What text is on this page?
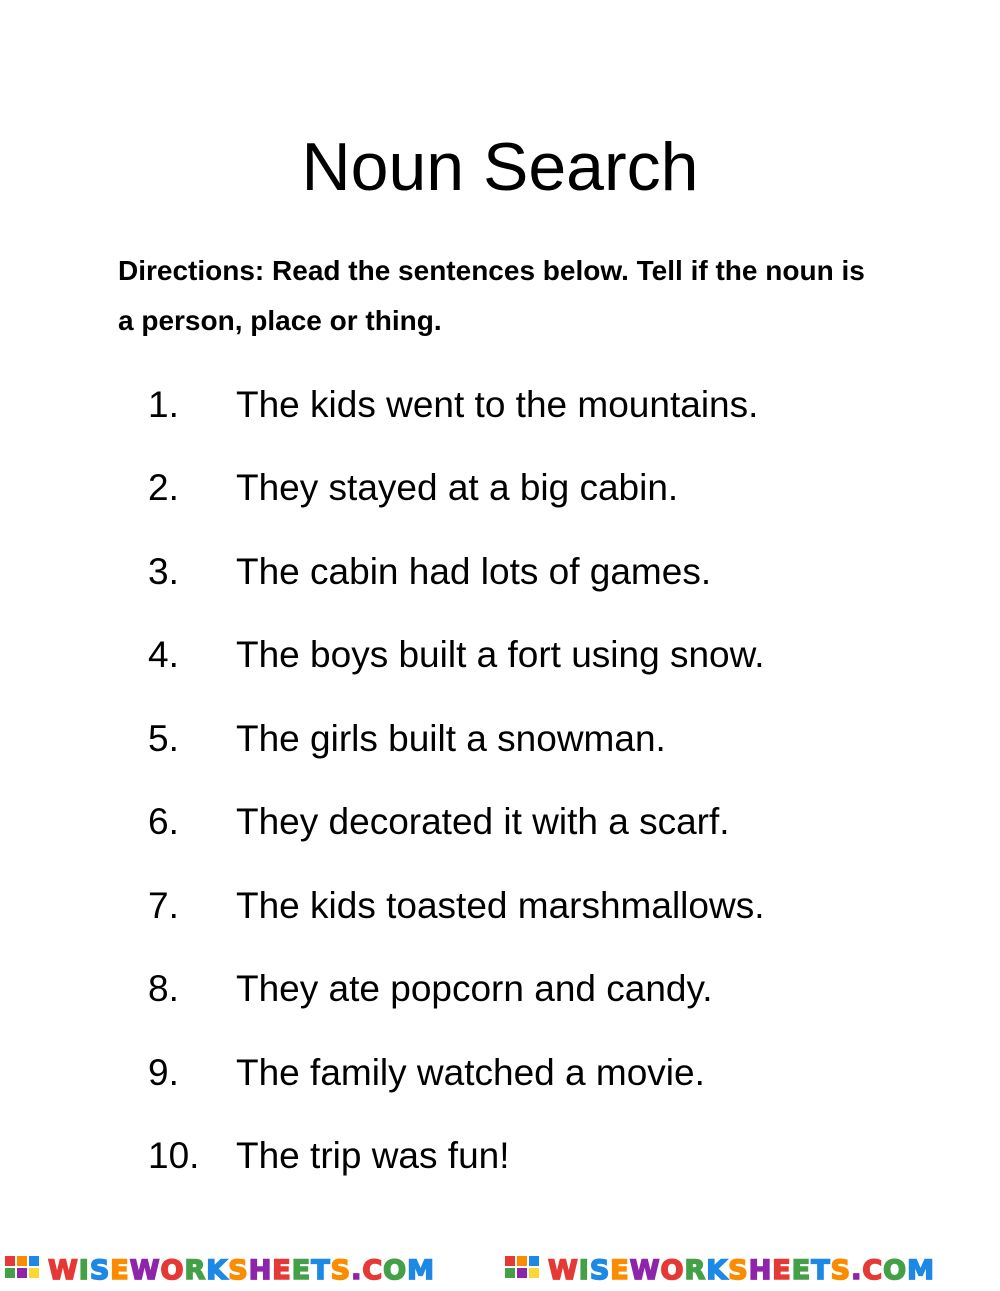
Noun Search
Directions: Read the sentences below. Tell if the noun is a person, place or thing.
1.	The kids went to the mountains.
2.	They stayed at a big cabin.
3.	The cabin had lots of games.
4.	The boys built a fort using snow.
5.	The girls built a snowman.
6.	They decorated it with a scarf.
7.	The kids toasted marshmallows.
8.	They ate popcorn and candy.
9.	The family watched a movie.
10. The trip was fun!
WISEWORKSHEETS.COM	WISEWORKSHEETS.COM
